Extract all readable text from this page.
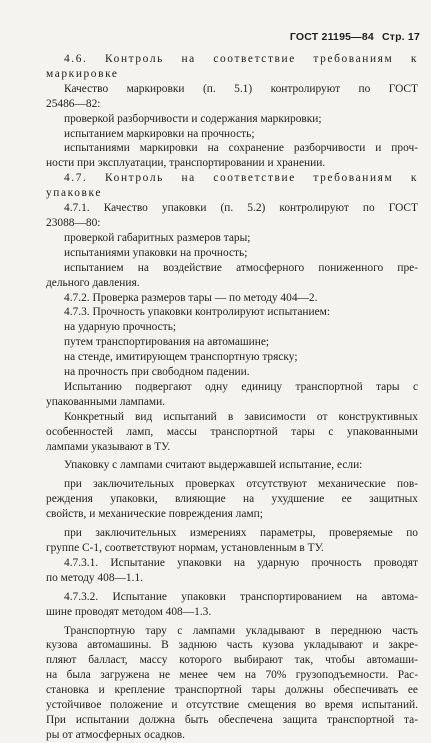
ГОСТ 21195—84 Стр. 17

4.6. Контроль на соответствие требованиям к

маркировке

Качество маркировки (п. 5.1) контролируют по ГОСТ

25486—82:

проверкой разборчивости и содержания маркировки;

испытанием маркировки на прочность;

испытаниями маркировки на сохранение разборчивости и проч-

ности при эксплуатации, транспортировании и хранении.

4.7. Контроль на соответствие требованиям к

упаковке

4.7.1. Качество упаковки (п. 5.2) контролируют по ГОСТ

23088—80:

проверкой габаритных размеров тары;

испытаниями упаковки на прочность;

испытанием на воздействие атмосферного пониженного пре-

дельного давления.

4.7.2. Проверка размеров тары — по методу 404—2.

4.7.3. Прочность упаковки контролируют испытанием:

на ударную прочность;

путем транспортирования на автомашине;

на стенде, имитирующем транспортную тряску;

на прочность при свободном падении.

Испытанию подвергают одну единицу транспортной тары с

упакованными лампами.

Конкретный вид испытаний в зависимости от конструктивных

особенностей ламп, массы транспортной тары с упакованными

лампами указывают в ТУ.

Упаковку с лампами считают выдержавшей испытание, если:

при заключительных проверках отсутствуют механические пов-

реждения упаковки, влияющие на ухудшение ее защитных

свойств, и механические повреждения ламп;

при заключительных измерениях параметры, проверяемые по

группе С-1, соответствуют нормам, установленным в ТУ.

4.7.3.1. Испытание упаковки на ударную прочность проводят

по методу 408—1.1.

4.7.3.2. Испытание упаковки транспортированием на автома-

шине проводят методом 408—1.3.

Транспортную тару с лампами укладывают в переднюю часть

кузова автомашины. В заднюю часть кузова укладывают и закре-

пляют балласт, массу которого выбирают так, чтобы автомаши-

на была загружена не менее чем на 70% грузоподъемности. Рас-

становка и крепление транспортной тары должны обеспечивать ее

устойчивое положение и отсутствие смещения во время испытаний.

При испытании должна быть обеспечена защита транспортной та-

ры от атмосферных осадков.
